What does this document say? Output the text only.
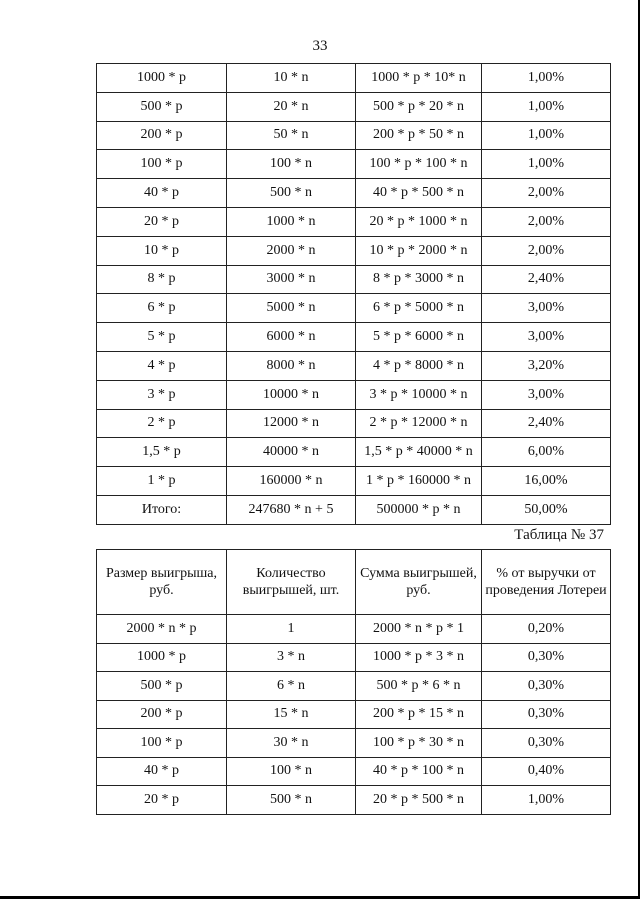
33
1000 * p	10 * n	1000 * p * 10* n	1,00%
500 * p	20 * n	500 * p * 20 * n	1,00%
200 * p	50 * n	200 * p * 50 * n	1,00%
100 * p	100 * n	100 * p * 100 * n	1,00%
40 * p	500 * n	40 * p * 500 * n	2,00%
20 * p	1000 * n	20 * p * 1000 * n	2,00%
10 * p	2000 * n	10 * p * 2000 * n	2,00%
8 * p	3000 * n	8 * p * 3000 * n	2,40%
6 * p	5000 * n	6 * p * 5000 * n	3,00%
5 * p	6000 * n	5 * p * 6000 * n	3,00%
4 * p	8000 * n	4 * p * 8000 * n	3,20%
3 * p	10000 * n	3 * p * 10000 * n	3,00%
2 * p	12000 * n	2 * p * 12000 * n	2,40%
1,5 * p	40000 * n	1,5 * p * 40000 * n	6,00%
1 * p	160000 * n	1 * p * 160000 * n	16,00%
Итого:	247680 * n + 5	500000 * p * n	50,00%
Таблица № 37
Размер выигрыша, руб.	Количество выигрышей, шт.	Сумма выигрышей, руб.	% от выручки от проведения Лотереи
2000 * n * p	1	2000 * n * p * 1	0,20%
1000 * p	3 * n	1000 * p * 3 * n	0,30%
500 * p	6 * n	500 * p * 6 * n	0,30%
200 * p	15 * n	200 * p * 15 * n	0,30%
100 * p	30 * n	100 * p * 30 * n	0,30%
40 * p	100 * n	40 * p * 100 * n	0,40%
20 * p	500 * n	20 * p * 500 * n	1,00%
